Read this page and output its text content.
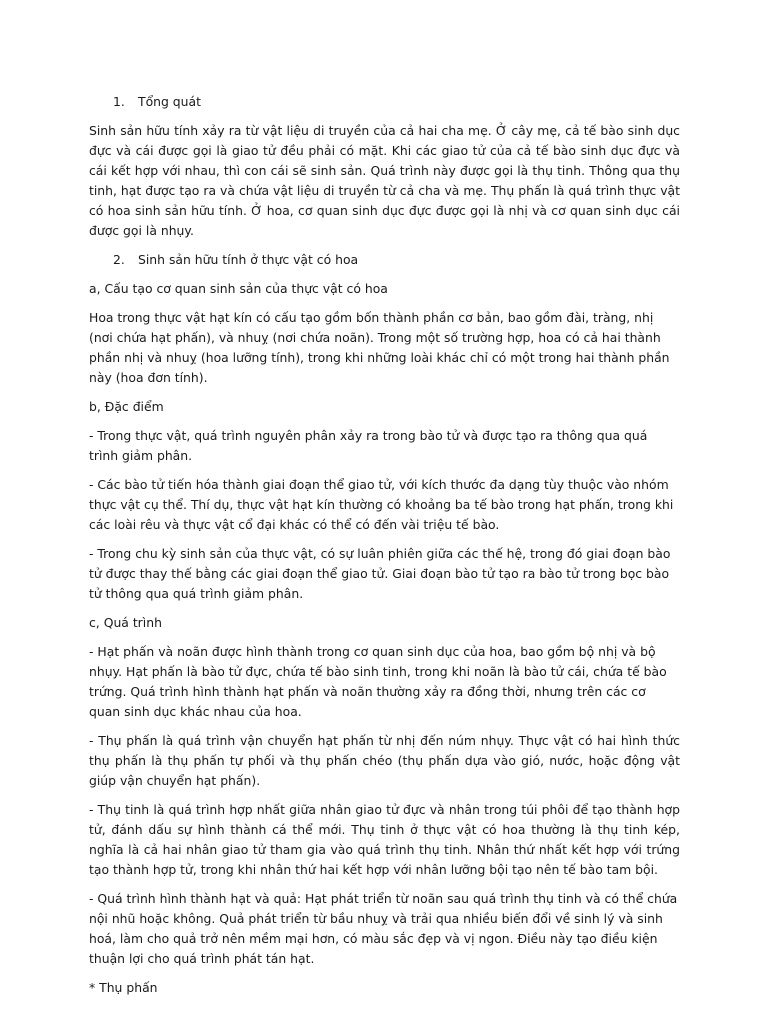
1.	Tổng quát

Sinh sản hữu tính xảy ra từ vật liệu di truyền của cả hai cha mẹ. Ở cây mẹ, cả tế bào sinh dục đực và cái được gọi là giao tử đều phải có mặt. Khi các giao tử của cả tế bào sinh dục đực và cái kết hợp với nhau, thì con cái sẽ sinh sản. Quá trình này được gọi là thụ tinh. Thông qua thụ tinh, hạt được tạo ra và chứa vật liệu di truyền từ cả cha và mẹ. Thụ phấn là quá trình thực vật có hoa sinh sản hữu tính. Ở hoa, cơ quan sinh dục đực được gọi là nhị và cơ quan sinh dục cái được gọi là nhụy.

2.	Sinh sản hữu tính ở thực vật có hoa

a, Cấu tạo cơ quan sinh sản của thực vật có hoa

Hoa trong thực vật hạt kín có cấu tạo gồm bốn thành phần cơ bản, bao gồm đài, tràng, nhị (nơi chứa hạt phấn), và nhuỵ (nơi chứa noãn). Trong một số trường hợp, hoa có cả hai thành phần nhị và nhuỵ (hoa lưỡng tính), trong khi những loài khác chỉ có một trong hai thành phần này (hoa đơn tính).

b, Đặc điểm

- Trong thực vật, quá trình nguyên phân xảy ra trong bào tử và được tạo ra thông qua quá trình giảm phân.

- Các bào tử tiến hóa thành giai đoạn thể giao tử, với kích thước đa dạng tùy thuộc vào nhóm thực vật cụ thể. Thí dụ, thực vật hạt kín thường có khoảng ba tế bào trong hạt phấn, trong khi các loài rêu và thực vật cổ đại khác có thể có đến vài triệu tế bào.

- Trong chu kỳ sinh sản của thực vật, có sự luân phiên giữa các thế hệ, trong đó giai đoạn bào tử được thay thế bằng các giai đoạn thể giao tử. Giai đoạn bào tử tạo ra bào tử trong bọc bào tử thông qua quá trình giảm phân.

c, Quá trình

- Hạt phấn và noãn được hình thành trong cơ quan sinh dục của hoa, bao gồm bộ nhị và bộ nhụy. Hạt phấn là bào tử đực, chứa tế bào sinh tinh, trong khi noãn là bào tử cái, chứa tế bào trứng. Quá trình hình thành hạt phấn và noãn thường xảy ra đồng thời, nhưng trên các cơ quan sinh dục khác nhau của hoa.

- Thụ phấn là quá trình vận chuyển hạt phấn từ nhị đến núm nhụy. Thực vật có hai hình thức thụ phấn là thụ phấn tự phối và thụ phấn chéo (thụ phấn dựa vào gió, nước, hoặc động vật giúp vận chuyển hạt phấn).

- Thụ tinh là quá trình hợp nhất giữa nhân giao tử đực và nhân trong túi phôi để tạo thành hợp tử, đánh dấu sự hình thành cá thể mới. Thụ tinh ở thực vật có hoa thường là thụ tinh kép, nghĩa là cả hai nhân giao tử tham gia vào quá trình thụ tinh. Nhân thứ nhất kết hợp với trứng tạo thành hợp tử, trong khi nhân thứ hai kết hợp với nhân lưỡng bội tạo nên tế bào tam bội.

- Quá trình hình thành hạt và quả: Hạt phát triển từ noãn sau quá trình thụ tinh và có thể chứa nội nhũ hoặc không. Quả phát triển từ bầu nhuỵ và trải qua nhiều biến đổi về sinh lý và sinh hoá, làm cho quả trở nên mềm mại hơn, có màu sắc đẹp và vị ngon. Điều này tạo điều kiện thuận lợi cho quá trình phát tán hạt.

* Thụ phấn
